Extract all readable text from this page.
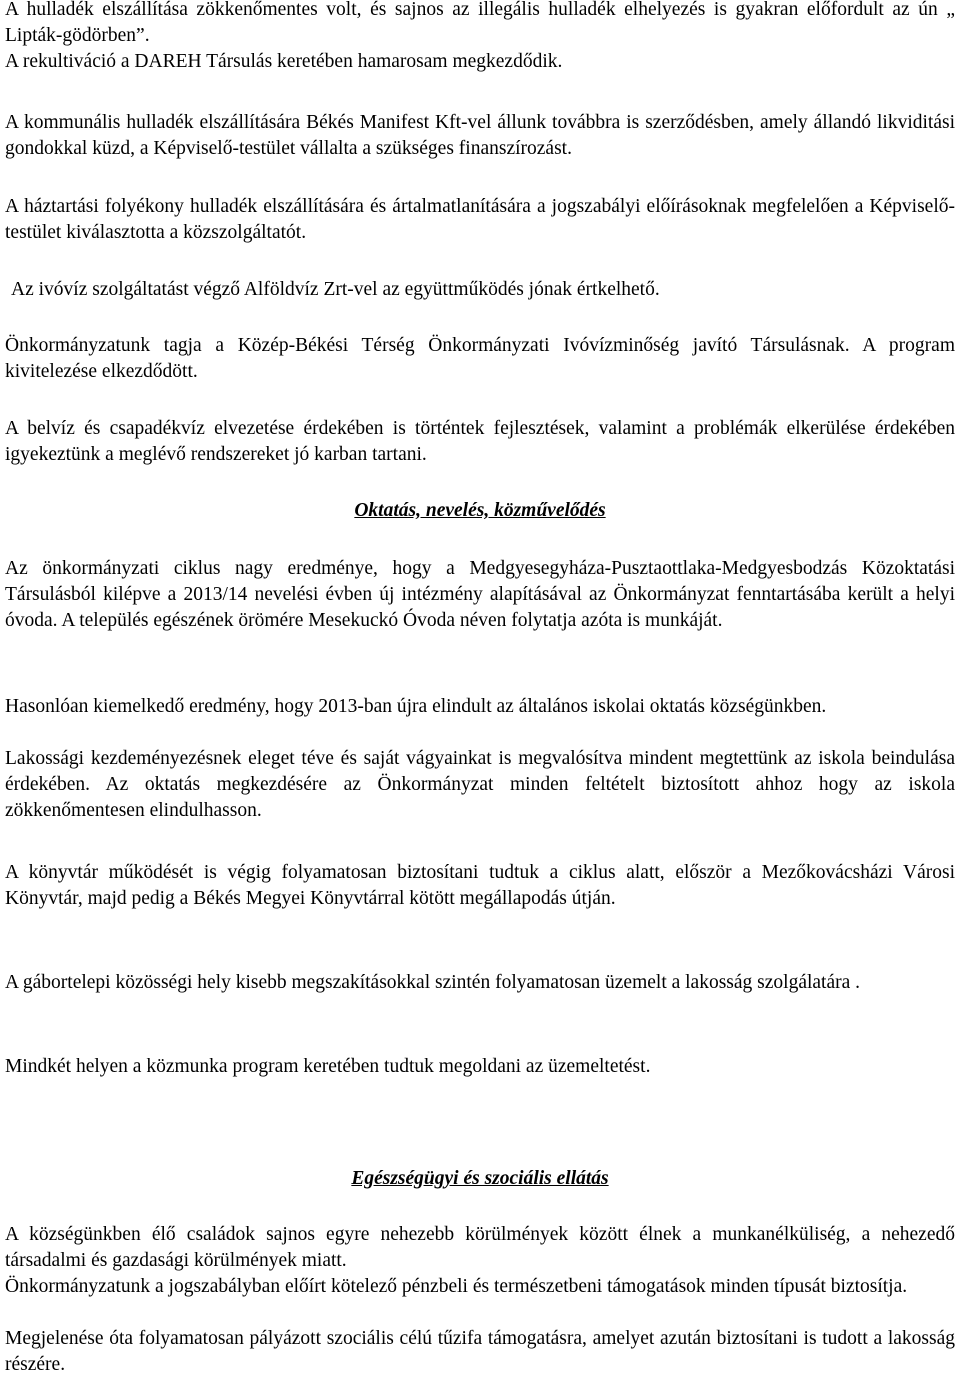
A hulladék elszállítása zökkenőmentes volt, és sajnos az illegális hulladék elhelyezés is gyakran előfordult az ún „ Lipták-gödörben”.

A rekultiváció a DAREH Társulás keretében hamarosam megkezdődik.

A kommunális hulladék elszállítására Békés Manifest Kft-vel állunk továbbra is szerződésben, amely állandó likviditási gondokkal küzd, a Képviselő-testület vállalta a szükséges finanszírozást.

A háztartási folyékony hulladék elszállítására és ártalmatlanítására a jogszabályi előírásoknak megfelelően a Képviselő-testület kiválasztotta a közszolgáltatót.

Az ivóvíz szolgáltatást végző Alföldvíz Zrt-vel az együttműködés jónak értkelhető.

Önkormányzatunk tagja a Közép-Békési Térség Önkormányzati Ivóvízminőség javító Társulásnak. A program kivitelezése elkezdődött.

A belvíz és csapadékvíz elvezetése érdekében is történtek fejlesztések, valamint a problémák elkerülése érdekében igyekeztünk a meglévő rendszereket jó karban tartani.

Oktatás, nevelés, közművelődés

Az önkormányzati ciklus nagy eredménye, hogy a Medgyesegyháza-Pusztaottlaka-Medgyesbodzás Közoktatási Társulásból kilépve a 2013/14 nevelési évben új intézmény alapításával az Önkormányzat fenntartásába került a helyi óvoda. A település egészének örömére Mesekuckó Óvoda néven folytatja azóta is munkáját.

Hasonlóan kiemelkedő eredmény, hogy 2013-ban újra elindult az általános iskolai oktatás községünkben.

Lakossági kezdeményezésnek eleget téve és saját vágyainkat is megvalósítva mindent megtettünk az iskola beindulása érdekében. Az oktatás megkezdésére az Önkormányzat minden feltételt biztosított ahhoz hogy az iskola zökkenőmentesen elindulhasson.

A könyvtár működését is végig folyamatosan biztosítani tudtuk a ciklus alatt, először a Mezőkovácsházi Városi Könyvtár, majd pedig a Békés Megyei Könyvtárral kötött megállapodás útján.

A gábortelepi közösségi hely kisebb megszakításokkal szintén folyamatosan üzemelt a lakosság szolgálatára .

Mindkét helyen a közmunka program keretében tudtuk megoldani az üzemeltetést.

Egészségügyi és szociális ellátás

A községünkben élő családok sajnos egyre nehezebb körülmények között élnek a munkanélküliség, a nehezedő társadalmi és gazdasági körülmények miatt.

Önkormányzatunk a jogszabályban előírt kötelező pénzbeli és természetbeni támogatások minden típusát biztosítja.

Megjelenése óta folyamatosan pályázott szociális célú tűzifa támogatásra, amelyet azután biztosítani is tudott a lakosság részére.
